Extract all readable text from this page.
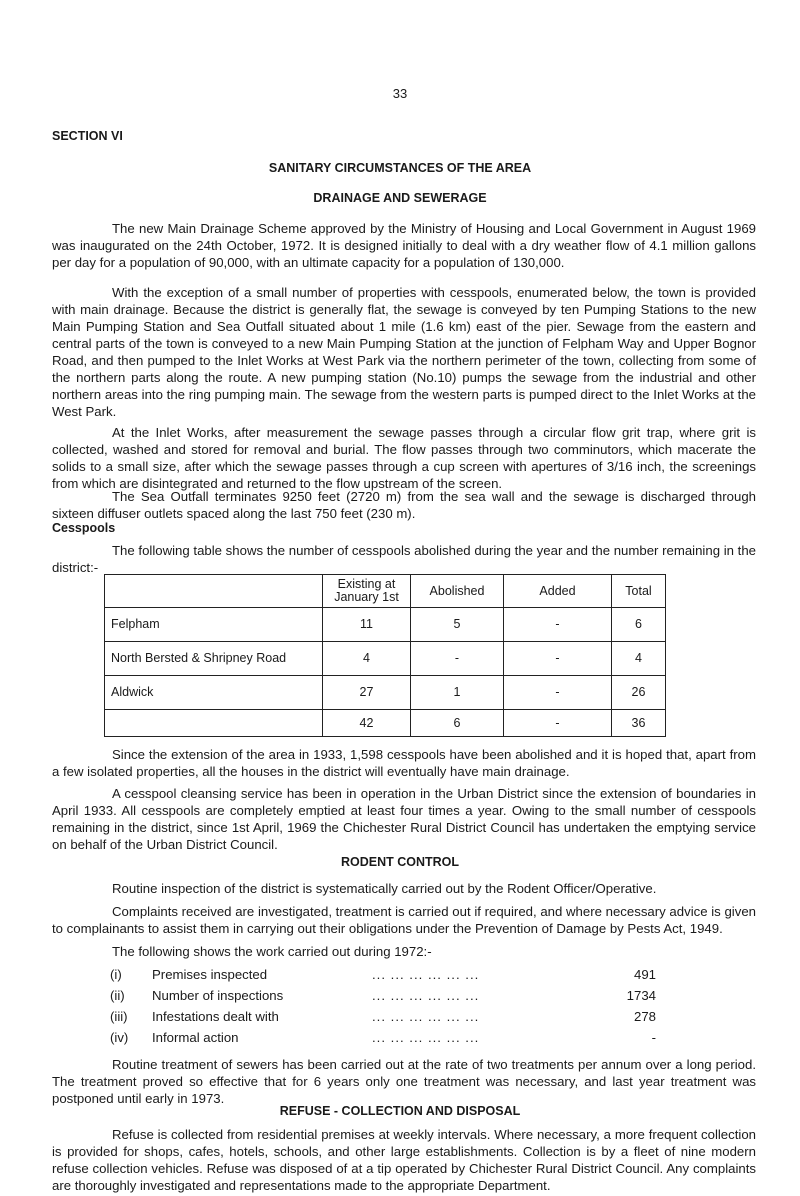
33
SECTION VI
SANITARY CIRCUMSTANCES OF THE AREA
DRAINAGE AND SEWERAGE

The new Main Drainage Scheme approved by the Ministry of Housing and Local Government in August 1969 was inaugurated on the 24th October, 1972. It is designed initially to deal with a dry weather flow of 4.1 million gallons per day for a population of 90,000, with an ultimate capacity for a population of 130,000.

With the exception of a small number of properties with cesspools, enumerated below, the town is provided with main drainage. Because the district is generally flat, the sewage is conveyed by ten Pumping Stations to the new Main Pumping Station and Sea Outfall situated about 1 mile (1.6 km) east of the pier. Sewage from the eastern and central parts of the town is conveyed to a new Main Pumping Station at the junction of Felpham Way and Upper Bognor Road, and then pumped to the Inlet Works at West Park via the northern perimeter of the town, collecting from some of the northern parts along the route. A new pumping station (No.10) pumps the sewage from the industrial and other northern areas into the ring pumping main. The sewage from the western parts is pumped direct to the Inlet Works at the West Park.

At the Inlet Works, after measurement the sewage passes through a circular flow grit trap, where grit is collected, washed and stored for removal and burial. The flow passes through two comminutors, which macerate the solids to a small size, after which the sewage passes through a cup screen with apertures of 3/16 inch, the screenings from which are disintegrated and returned to the flow upstream of the screen.

The Sea Outfall terminates 9250 feet (2720 m) from the sea wall and the sewage is discharged through sixteen diffuser outlets spaced along the last 750 feet (230 m).

Cesspools
	Existing at January 1st	Abolished	Added	Total
Felpham	11	5	-	6
North Bersted & Shripney Road	4	-	-	4
Aldwick	27	1	-	26
	42	6	-	36

The following table shows the number of cesspools abolished during the year and the number remaining in the district:-

Since the extension of the area in 1933, 1,598 cesspools have been abolished and it is hoped that, apart from a few isolated properties, all the houses in the district will eventually have main drainage.

A cesspool cleansing service has been in operation in the Urban District since the extension of boundaries in April 1933. All cesspools are completely emptied at least four times a year. Owing to the small number of cesspools remaining in the district, since 1st April, 1969 the Chichester Rural District Council has undertaken the emptying service on behalf of the Urban District Council.

RODENT CONTROL

Routine inspection of the district is systematically carried out by the Rodent Officer/Operative.

Complaints received are investigated, treatment is carried out if required, and where necessary advice is given to complainants to assist them in carrying out their obligations under the Prevention of Damage by Pests Act, 1949.

The following shows the work carried out during 1972:-

(i) Premises inspected	... ... ... ... ... ...	491
(ii) Number of inspections	... ... ... ... ... ...	1734
(iii) Infestations dealt with	... ... ... ... ... ...	278
(iv) Informal action	... ... ... ... ... ...	-

Routine treatment of sewers has been carried out at the rate of two treatments per annum over a long period. The treatment proved so effective that for 6 years only one treatment was necessary, and last year treatment was postponed until early in 1973.

REFUSE - COLLECTION AND DISPOSAL

Refuse is collected from residential premises at weekly intervals. Where necessary, a more frequent collection is provided for shops, cafes, hotels, schools, and other large establishments. Collection is by a fleet of nine modern refuse collection vehicles. Refuse was disposed of at a tip operated by Chichester Rural District Council. Any complaints are thoroughly investigated and representations made to the appropriate Department.
